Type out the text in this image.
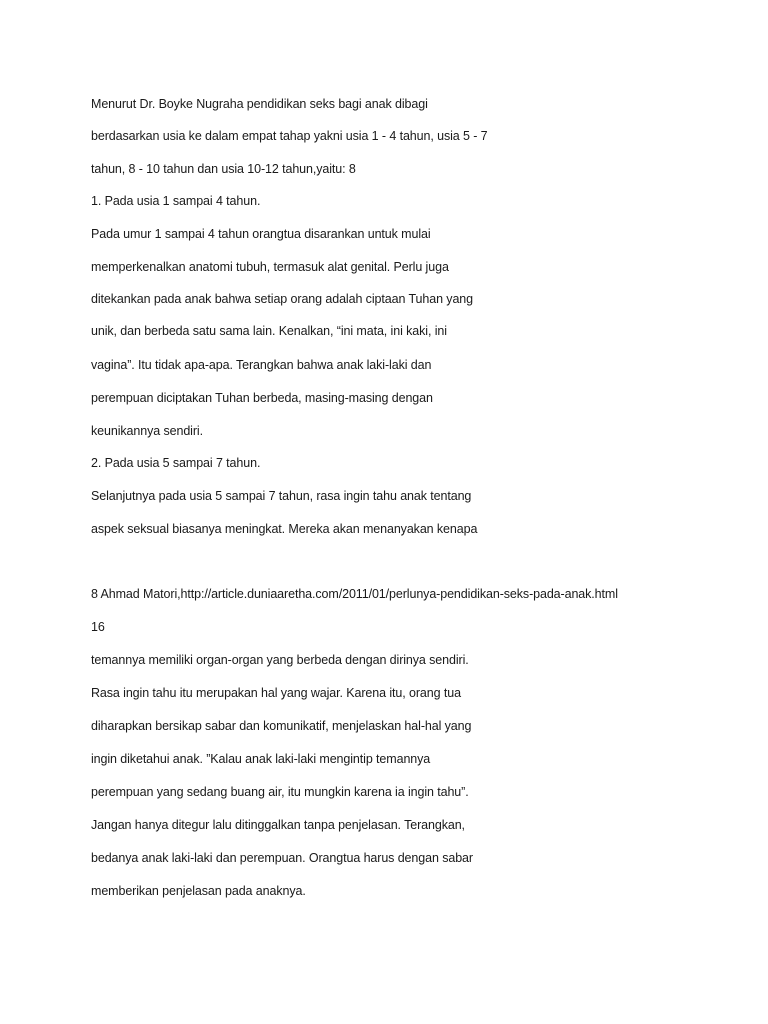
Menurut Dr. Boyke Nugraha pendidikan seks bagi anak dibagi

berdasarkan usia ke dalam empat tahap yakni usia 1 - 4 tahun, usia 5 - 7

tahun, 8 - 10 tahun dan usia 10-12 tahun,yaitu: 8

1. Pada usia 1 sampai 4 tahun.

Pada umur 1 sampai 4 tahun orangtua disarankan untuk mulai

memperkenalkan anatomi tubuh, termasuk alat genital. Perlu juga

ditekankan pada anak bahwa setiap orang adalah ciptaan Tuhan yang

unik, dan berbeda satu sama lain. Kenalkan, “ini mata, ini kaki, ini

vagina”. Itu tidak apa-apa. Terangkan bahwa anak laki-laki dan

perempuan diciptakan Tuhan berbeda, masing-masing dengan

keunikannya sendiri.

2. Pada usia 5 sampai 7 tahun.

Selanjutnya pada usia 5 sampai 7 tahun, rasa ingin tahu anak tentang

aspek seksual biasanya meningkat. Mereka akan menanyakan kenapa

8 Ahmad Matori,http://article.duniaaretha.com/2011/01/perlunya-pendidikan-seks-pada-anak.html

16

temannya memiliki organ-organ yang berbeda dengan dirinya sendiri.

Rasa ingin tahu itu merupakan hal yang wajar. Karena itu, orang tua

diharapkan bersikap sabar dan komunikatif, menjelaskan hal-hal yang

ingin diketahui anak. ”Kalau anak laki-laki mengintip temannya

perempuan yang sedang buang air, itu mungkin karena ia ingin tahu”.

Jangan hanya ditegur lalu ditinggalkan tanpa penjelasan. Terangkan,

bedanya anak laki-laki dan perempuan. Orangtua harus dengan sabar

memberikan penjelasan pada anaknya.
